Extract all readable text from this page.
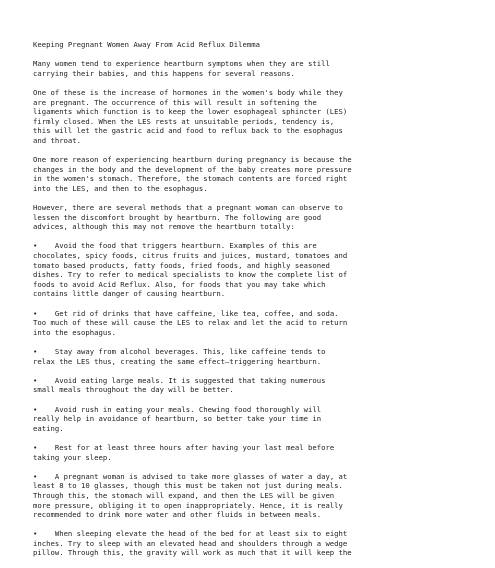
Keeping Pregnant Women Away From Acid Reflux Dilemma
Many women tend to experience heartburn symptoms when they are still
carrying their babies, and this happens for several reasons.
One of these is the increase of hormones in the women's body while they
are pregnant. The occurrence of this will result in softening the
ligaments which function is to keep the lower esophageal sphincter (LES)
firmly closed. When the LES rests at unsuitable periods, tendency is,
this will let the gastric acid and food to reflux back to the esophagus
and throat.
One more reason of experiencing heartburn during pregnancy is because the
changes in the body and the development of the baby creates more pressure
in the women's stomach. Therefore, the stomach contents are forced right
into the LES, and then to the esophagus.
However, there are several methods that a pregnant woman can observe to
lessen the discomfort brought by heartburn. The following are good
advices, although this may not remove the heartburn totally:
•    Avoid the food that triggers heartburn. Examples of this are
chocolates, spicy foods, citrus fruits and juices, mustard, tomatoes and
tomato based products, fatty foods, fried foods, and highly seasoned
dishes. Try to refer to medical specialists to know the complete list of
foods to avoid Acid Reflux. Also, for foods that you may take which
contains little danger of causing heartburn.
•    Get rid of drinks that have caffeine, like tea, coffee, and soda.
Too much of these will cause the LES to relax and let the acid to return
into the esophagus.
•    Stay away from alcohol beverages. This, like caffeine tends to
relax the LES thus, creating the same effect—triggering heartburn.
•    Avoid eating large meals. It is suggested that taking numerous
small meals throughout the day will be better.
•    Avoid rush in eating your meals. Chewing food thoroughly will
really help in avoidance of heartburn, so better take your time in
eating.
•    Rest for at least three hours after having your last meal before
taking your sleep.
•    A pregnant woman is advised to take more glasses of water a day, at
least 8 to 10 glasses, though this must be taken not just during meals.
Through this, the stomach will expand, and then the LES will be given
more pressure, obliging it to open inappropriately. Hence, it is really
recommended to drink more water and other fluids in between meals.
•    When sleeping elevate the head of the bed for at least six to eight
inches. Try to sleep with an elevated head and shoulders through a wedge
pillow. Through this, the gravity will work as much that it will keep the
